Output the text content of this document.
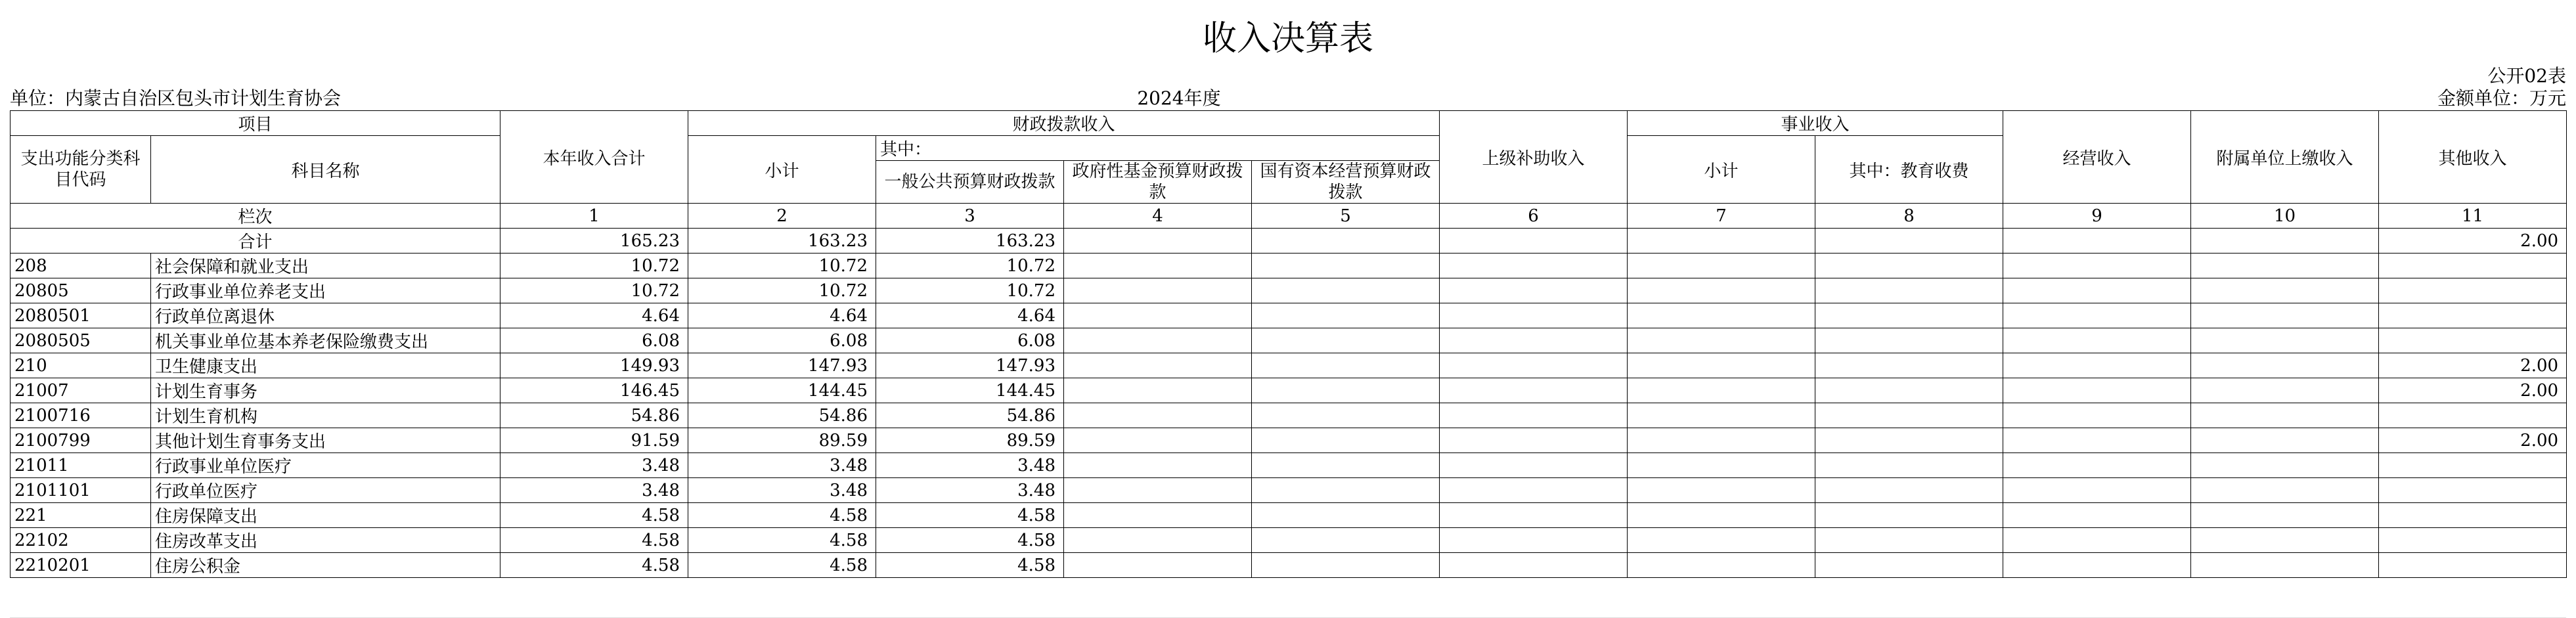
收入决算表
公开02表
单位：内蒙古自治区包头市计划生育协会	2024年度	金额单位：万元
项目		本年收入合计	财政拨款收入				上级补助收入	事业收入		经营收入	附属单位上缴收入	其他收入
支出功能分类科目代码	科目名称		小计	其中：				小计	其中：教育收费			
				一般公共预算财政拨款	政府性基金预算财政拨款	国有资本经营预算财政拨款						

栏次		1	2	3	4	5	6	7	8	9	10	11
合计		165.23	163.23	163.23								2.00
208	社会保障和就业支出	10.72	10.72	10.72								
20805	行政事业单位养老支出	10.72	10.72	10.72								
2080501	行政单位离退休	4.64	4.64	4.64								
2080505	机关事业单位基本养老保险缴费支出	6.08	6.08	6.08								
210	卫生健康支出	149.93	147.93	147.93								2.00
21007	计划生育事务	146.45	144.45	144.45								2.00
2100716	计划生育机构	54.86	54.86	54.86								
2100799	其他计划生育事务支出	91.59	89.59	89.59								2.00
21011	行政事业单位医疗	3.48	3.48	3.48								
2101101	行政单位医疗	3.48	3.48	3.48								
221	住房保障支出	4.58	4.58	4.58								
22102	住房改革支出	4.58	4.58	4.58								
2210201	住房公积金	4.58	4.58	4.58								
